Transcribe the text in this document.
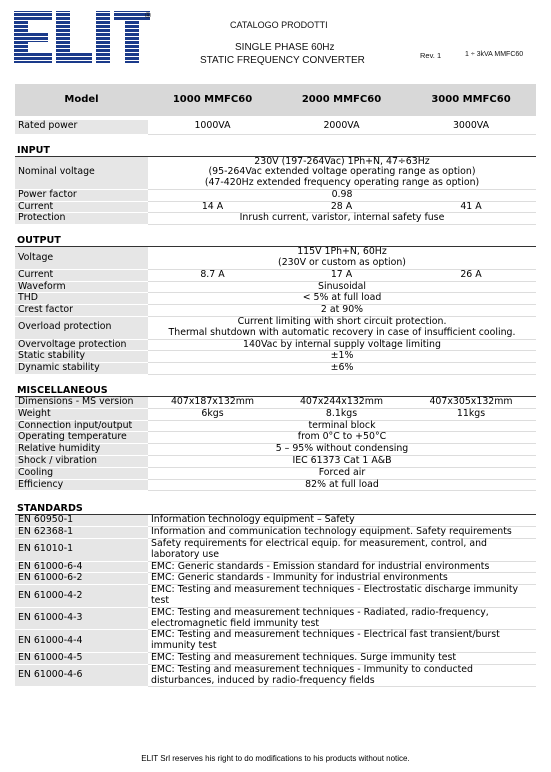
®
CATALOGO PRODOTTI
SINGLE PHASE 60Hz
STATIC FREQUENCY CONVERTER	Rev. 1	1 ÷ 3kVA MMFC60
Model	1000 MMFC60	2000 MMFC60	3000 MMFC60

Rated power	1000VA	2000VA	3000VA
INPUT			
Nominal voltage	230V (197-264Vac) 1Ph+N, 47÷63Hz
(95-264Vac extended voltage operating range as option)
(47-420Hz extended frequency operating range as option)		

Power factor	0.98		
Current	14 A	28 A	41 A
Protection	Inrush current, varistor, internal safety fuse		
OUTPUT			
Voltage	115V 1Ph+N, 60Hz
(230V or custom as option)		

Current	8.7 A	17 A	26 A
Waveform	Sinusoidal		
THD	< 5% at full load		
Crest factor	2 at 90%		
Overload protection	Current limiting with short circuit protection.
Thermal shutdown with automatic recovery in case of insufficient cooling.		

Overvoltage protection	140Vac by internal supply voltage limiting		
Static stability	±1%		
Dynamic stability	±6%		
MISCELLANEOUS			
Dimensions - MS version	407x187x132mm	407x244x132mm	407x305x132mm
Weight	6kgs	8.1kgs	11kgs
Connection input/output	terminal block		
Operating temperature	from 0°C to +50°C		
Relative humidity	5 – 95% without condensing		
Shock / vibration	IEC 61373 Cat 1 A&B		
Cooling	Forced air		
Efficiency	82% at full load		
STANDARDS			
EN 60950-1	Information technology equipment – Safety		
EN 62368-1	Information and communication technology equipment. Safety requirements		
EN 61010-1	Safety requirements for electrical equip. for measurement, control, and laboratory use		
EN 61000-6-4	EMC: Generic standards - Emission standard for industrial environments		
EN 61000-6-2	EMC: Generic standards - Immunity for industrial environments		
EN 61000-4-2	EMC: Testing and measurement techniques - Electrostatic discharge immunity test		
EN 61000-4-3	EMC: Testing and measurement techniques - Radiated, radio-frequency, electromagnetic field immunity test		
EN 61000-4-4	EMC: Testing and measurement techniques - Electrical fast transient/burst immunity test		
EN 61000-4-5	EMC: Testing and measurement techniques. Surge immunity test		
EN 61000-4-6	EMC: Testing and measurement techniques - Immunity to conducted disturbances, induced by radio-frequency fields		
ELIT Srl reserves his right to do modifications to his products without notice.
